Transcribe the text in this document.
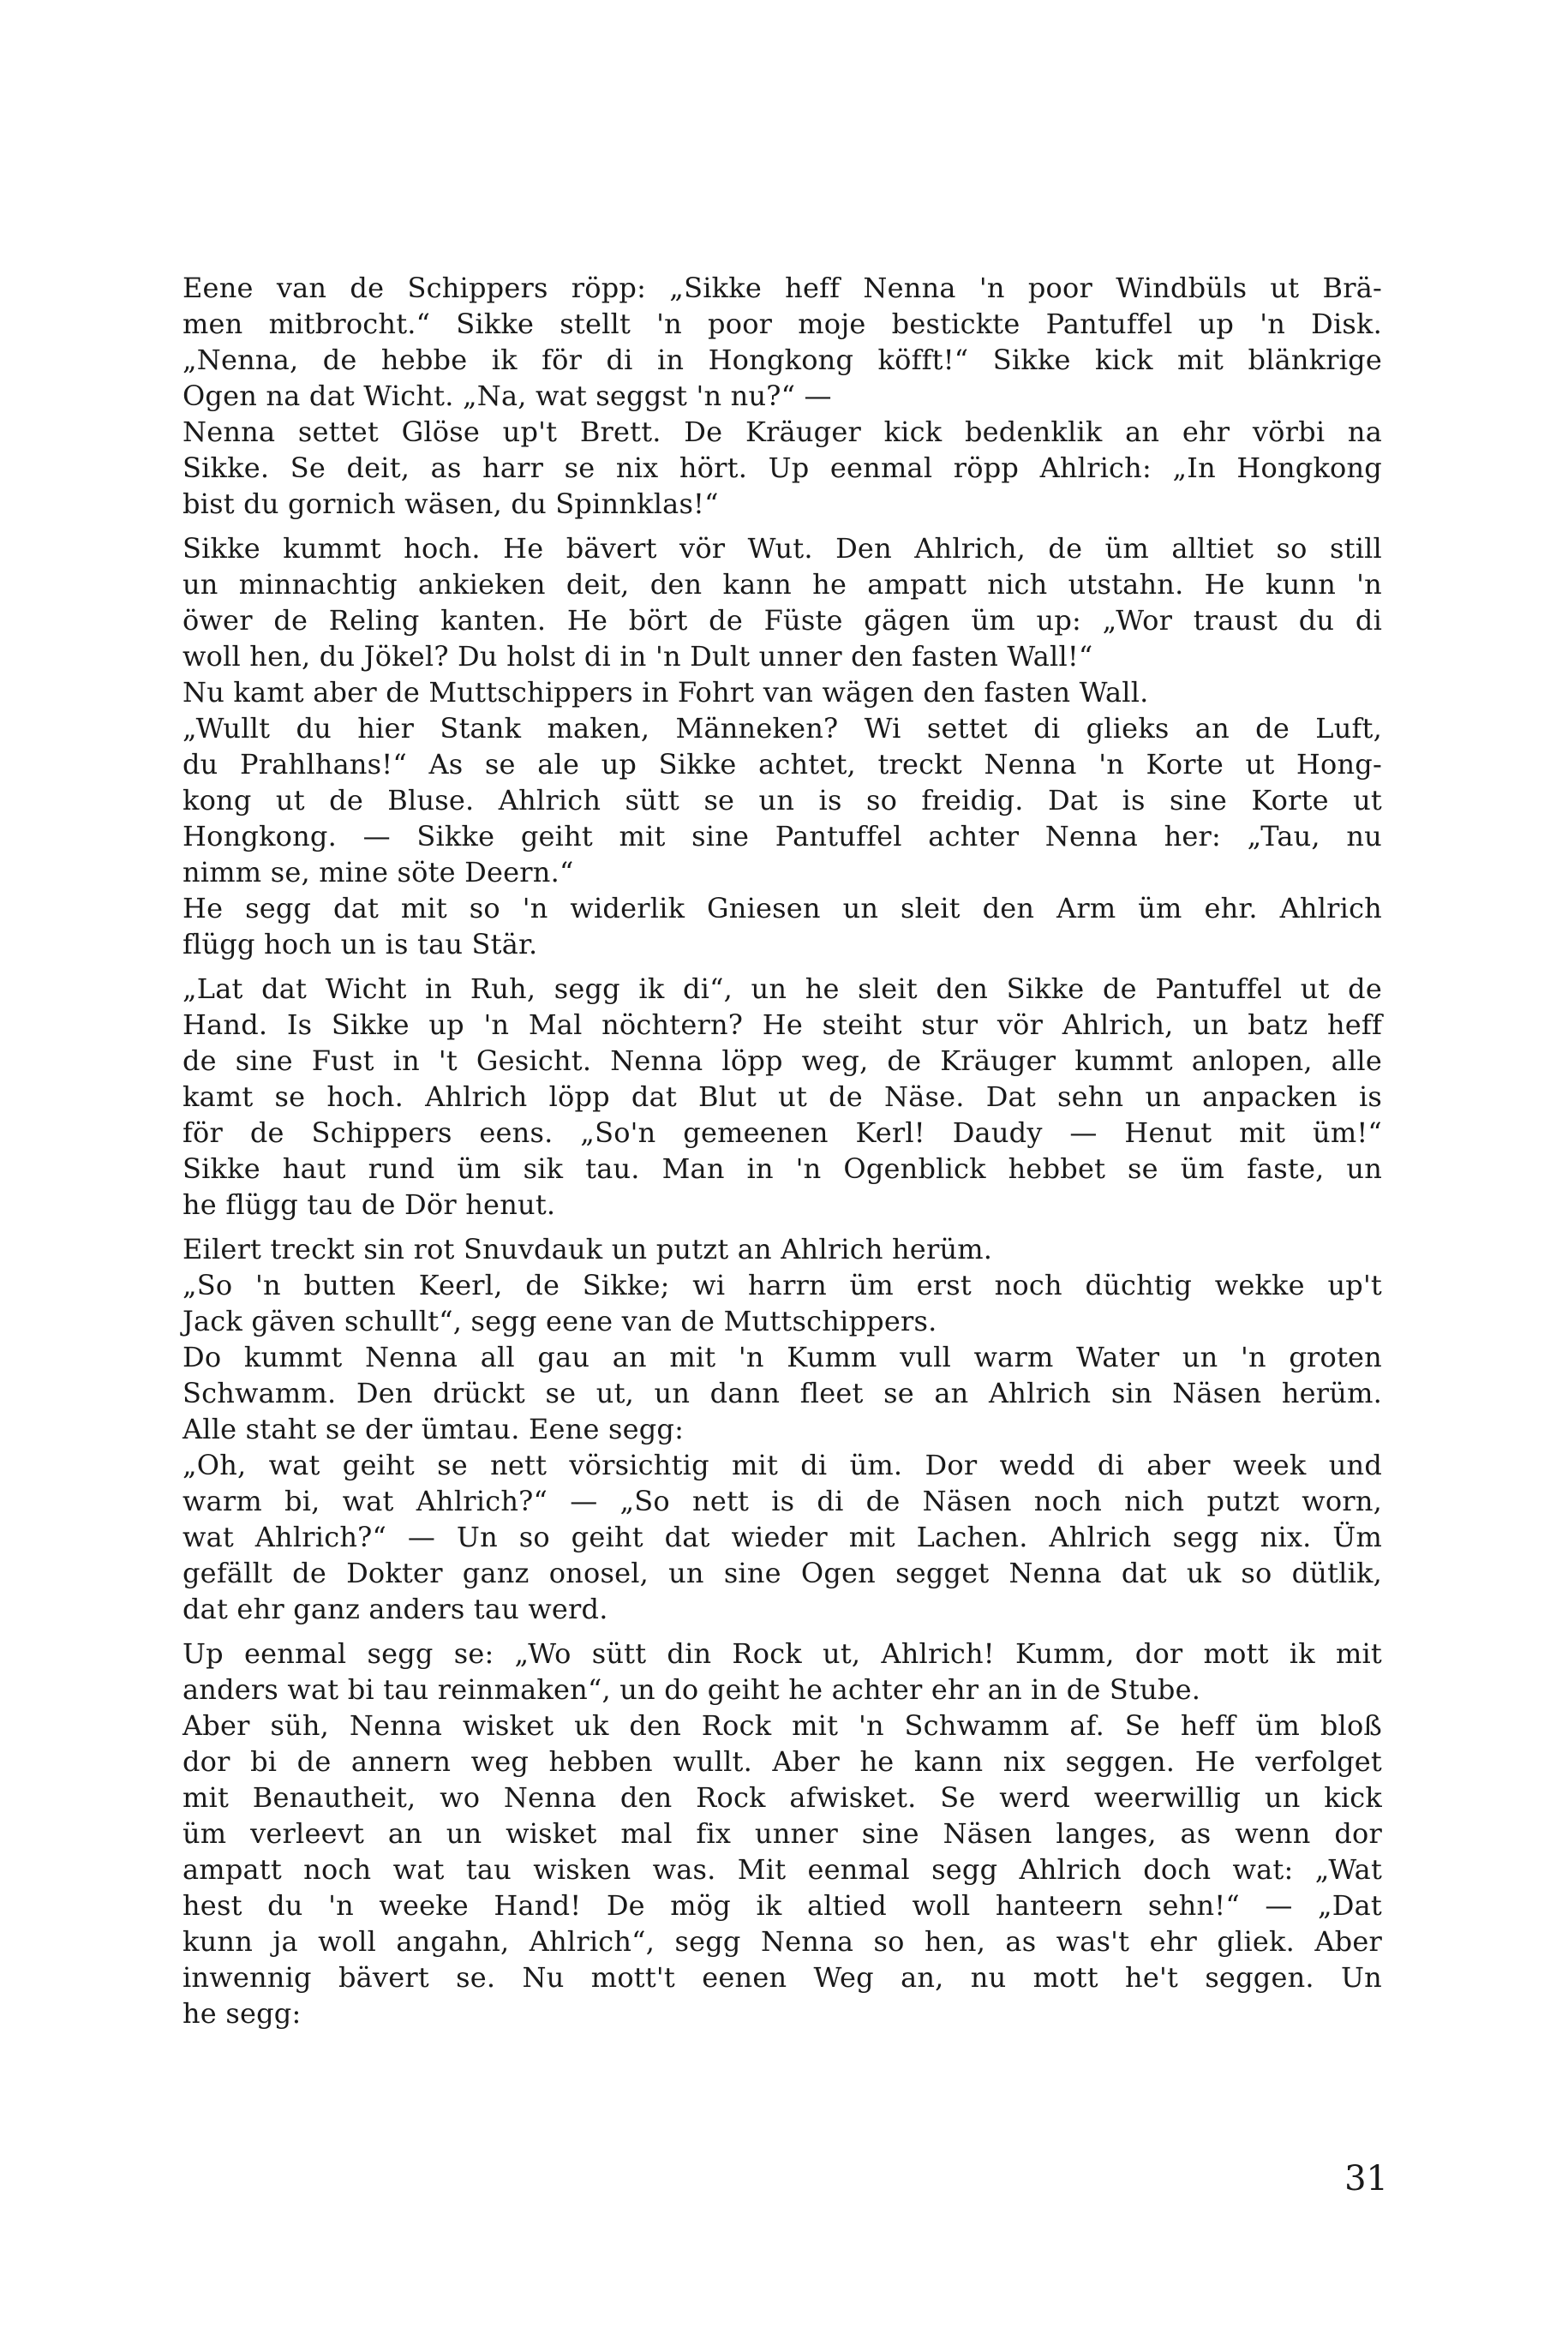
Eene van de Schippers röpp: „Sikke heff Nenna 'n poor Windbüls ut Brä-
men mitbrocht.“ Sikke stellt 'n poor moje bestickte Pantuffel up 'n Disk.
„Nenna, de hebbe ik för di in Hongkong köfft!“ Sikke kick mit blänkrige
Ogen na dat Wicht. „Na, wat seggst 'n nu?“ —
Nenna settet Glöse up't Brett. De Kräuger kick bedenklik an ehr vörbi na
Sikke. Se deit, as harr se nix hört. Up eenmal röpp Ahlrich: „In Hongkong
bist du gornich wäsen, du Spinnklas!“
Sikke kummt hoch. He bävert vör Wut. Den Ahlrich, de üm alltiet so still
un minnachtig ankieken deit, den kann he ampatt nich utstahn. He kunn 'n
öwer de Reling kanten. He bört de Füste gägen üm up: „Wor traust du di
woll hen, du Jökel? Du holst di in 'n Dult unner den fasten Wall!“
Nu kamt aber de Muttschippers in Fohrt van wägen den fasten Wall.
„Wullt du hier Stank maken, Männeken? Wi settet di glieks an de Luft,
du Prahlhans!“ As se ale up Sikke achtet, treckt Nenna 'n Korte ut Hong-
kong ut de Bluse. Ahlrich sütt se un is so freidig. Dat is sine Korte ut
Hongkong. — Sikke geiht mit sine Pantuffel achter Nenna her: „Tau, nu
nimm se, mine söte Deern.“
He segg dat mit so 'n widerlik Gniesen un sleit den Arm üm ehr. Ahlrich
flügg hoch un is tau Stär.
„Lat dat Wicht in Ruh, segg ik di“, un he sleit den Sikke de Pantuffel ut de
Hand. Is Sikke up 'n Mal nöchtern? He steiht stur vör Ahlrich, un batz heff
de sine Fust in 't Gesicht. Nenna löpp weg, de Kräuger kummt anlopen, alle
kamt se hoch. Ahlrich löpp dat Blut ut de Näse. Dat sehn un anpacken is
för de Schippers eens. „So'n gemeenen Kerl! Daudy — Henut mit üm!“
Sikke haut rund üm sik tau. Man in 'n Ogenblick hebbet se üm faste, un
he flügg tau de Dör henut.
Eilert treckt sin rot Snuvdauk un putzt an Ahlrich herüm.
„So 'n butten Keerl, de Sikke; wi harrn üm erst noch düchtig wekke up't
Jack gäven schullt“, segg eene van de Muttschippers.
Do kummt Nenna all gau an mit 'n Kumm vull warm Water un 'n groten
Schwamm. Den drückt se ut, un dann fleet se an Ahlrich sin Näsen herüm.
Alle staht se der ümtau. Eene segg:
„Oh, wat geiht se nett vörsichtig mit di üm. Dor wedd di aber week und
warm bi, wat Ahlrich?“ — „So nett is di de Näsen noch nich putzt worn,
wat Ahlrich?“ — Un so geiht dat wieder mit Lachen. Ahlrich segg nix. Üm
gefällt de Dokter ganz onosel, un sine Ogen segget Nenna dat uk so dütlik,
dat ehr ganz anders tau werd.
Up eenmal segg se: „Wo sütt din Rock ut, Ahlrich! Kumm, dor mott ik mit
anders wat bi tau reinmaken“, un do geiht he achter ehr an in de Stube.
Aber süh, Nenna wisket uk den Rock mit 'n Schwamm af. Se heff üm bloß
dor bi de annern weg hebben wullt. Aber he kann nix seggen. He verfolget
mit Benautheit, wo Nenna den Rock afwisket. Se werd weerwillig un kick
üm verleevt an un wisket mal fix unner sine Näsen langes, as wenn dor
ampatt noch wat tau wisken was. Mit eenmal segg Ahlrich doch wat: „Wat
hest du 'n weeke Hand! De mög ik altied woll hanteern sehn!“ — „Dat
kunn ja woll angahn, Ahlrich“, segg Nenna so hen, as was't ehr gliek. Aber
inwennig bävert se. Nu mott't eenen Weg an, nu mott he't seggen. Un
he segg:
31
